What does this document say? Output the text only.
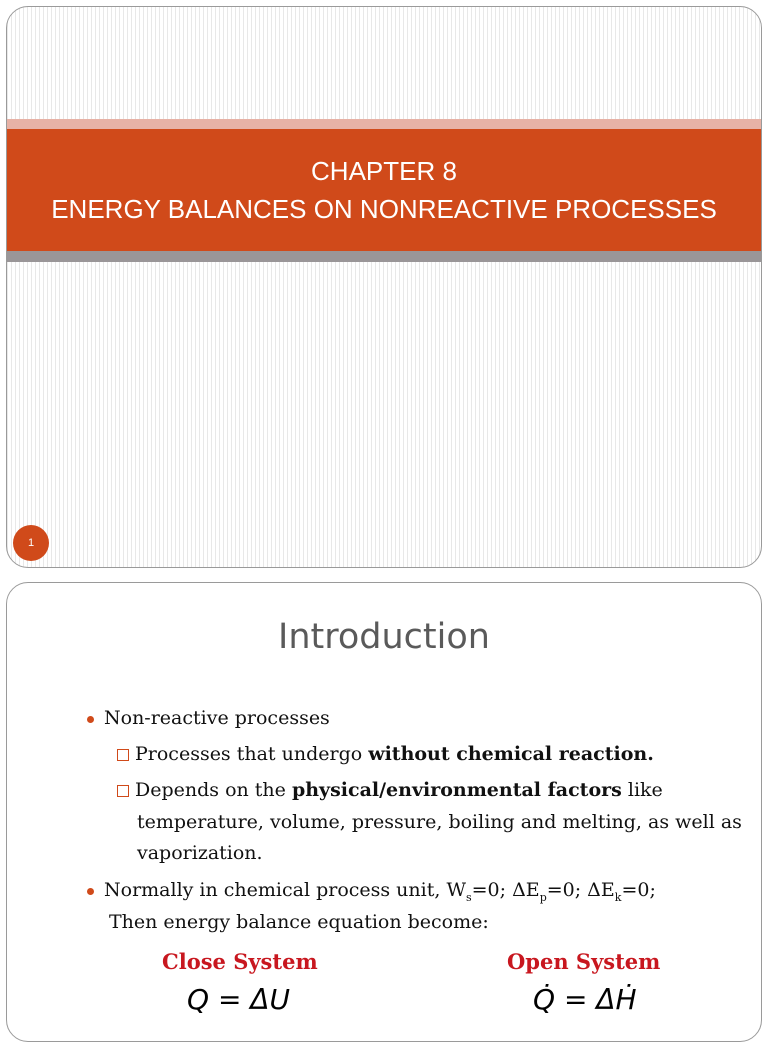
CHAPTER 8
ENERGY BALANCES ON NONREACTIVE PROCESSES
1
Introduction
Non-reactive processes
Processes that undergo without chemical reaction.
Depends on the physical/environmental factors like
temperature, volume, pressure, boiling and melting, as well as
vaporization.
Normally in chemical process unit, $W_s=0$; $\Delta E_p=0$; $\Delta E_k=0$;
Then energy balance equation become:
Close System	Open System
Q = ΔU	Q̇ = ΔḢ
